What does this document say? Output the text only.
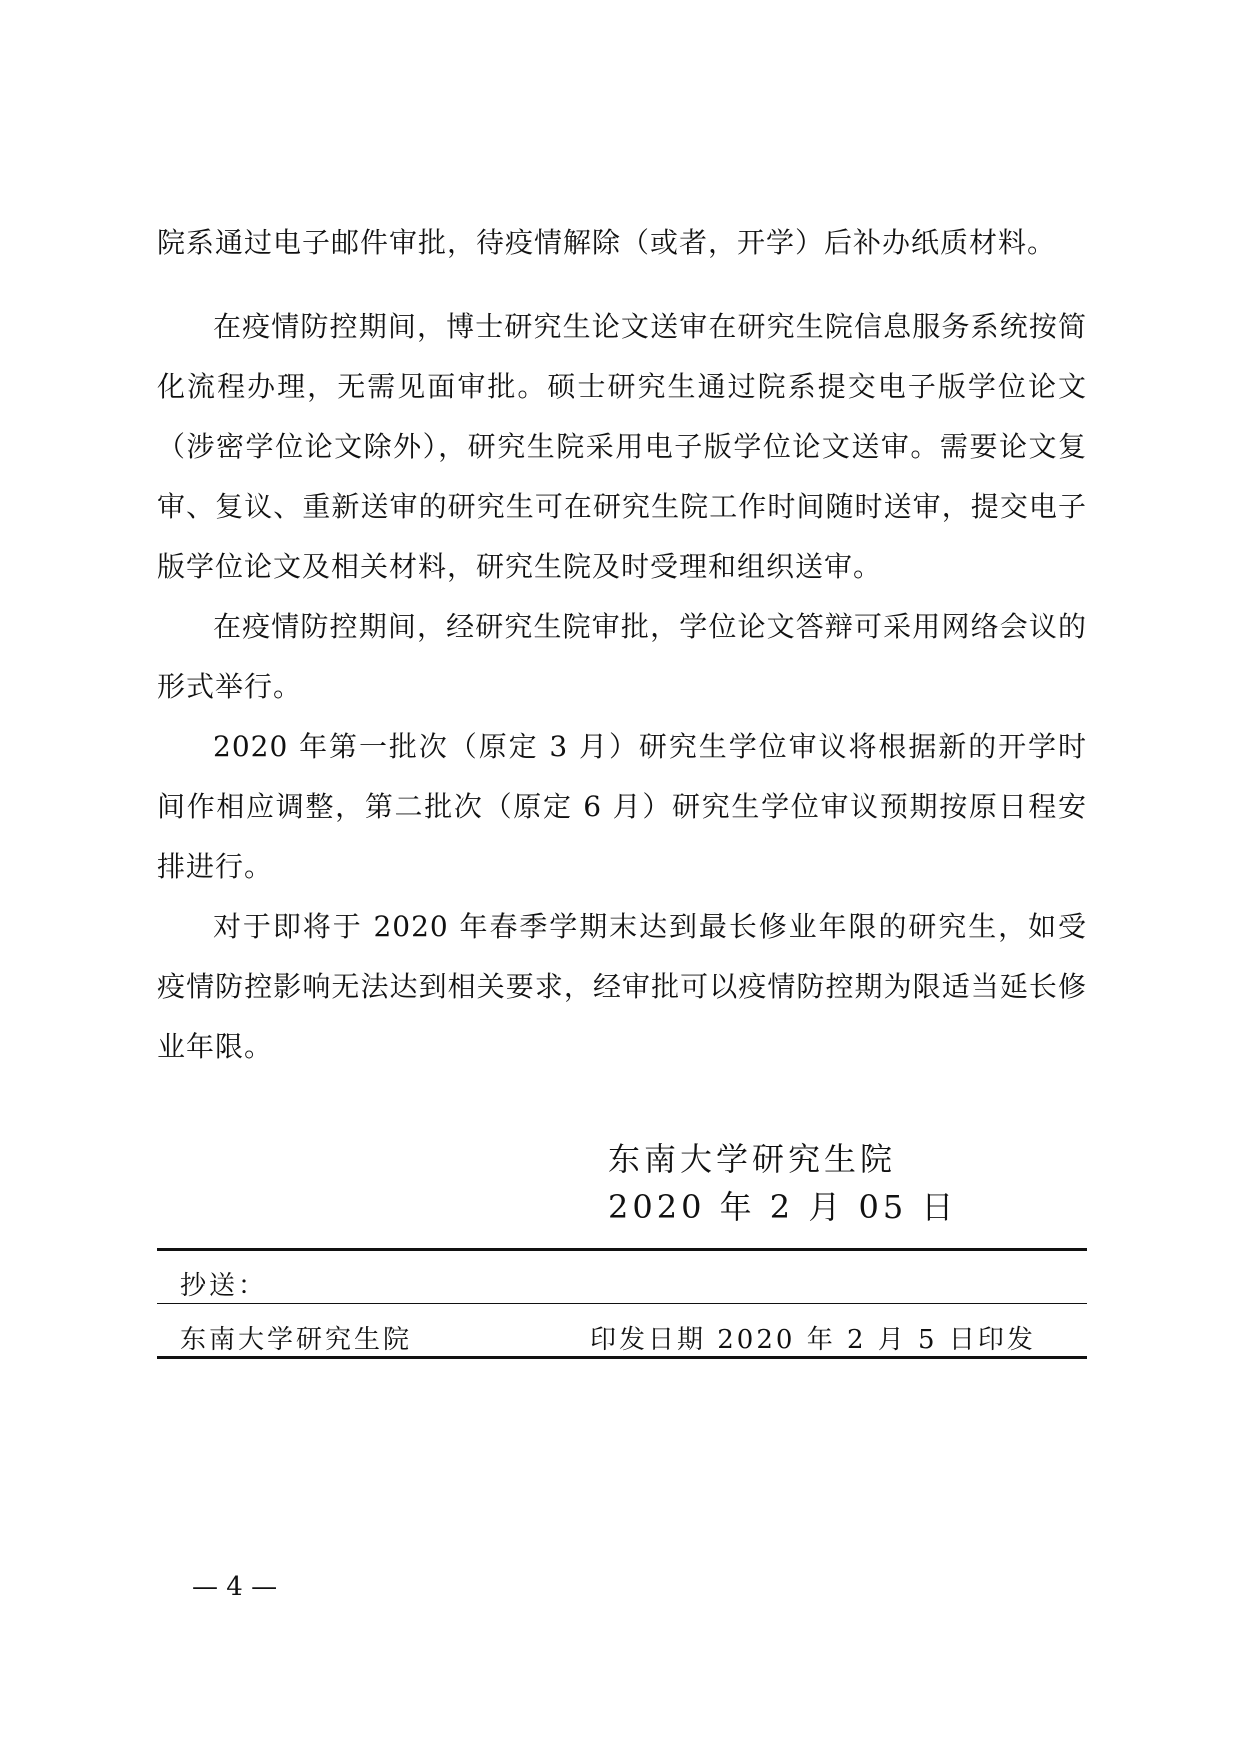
院系通过电子邮件审批，待疫情解除（或者，开学）后补办纸质材料。

在疫情防控期间，博士研究生论文送审在研究生院信息服务系统按简化流程办理，无需见面审批。硕士研究生通过院系提交电子版学位论文（涉密学位论文除外），研究生院采用电子版学位论文送审。需要论文复审、复议、重新送审的研究生可在研究生院工作时间随时送审，提交电子版学位论文及相关材料，研究生院及时受理和组织送审。

在疫情防控期间，经研究生院审批，学位论文答辩可采用网络会议的形式举行。

2020 年第一批次（原定 3 月）研究生学位审议将根据新的开学时间作相应调整，第二批次（原定 6 月）研究生学位审议预期按原日程安排进行。

对于即将于 2020 年春季学期末达到最长修业年限的研究生，如受疫情防控影响无法达到相关要求，经审批可以疫情防控期为限适当延长修业年限。

东南大学研究生院
2020 年 2 月 05 日
抄送：
东南大学研究生院	印发日期 2020 年 2 月 5 日印发
— 4 —
